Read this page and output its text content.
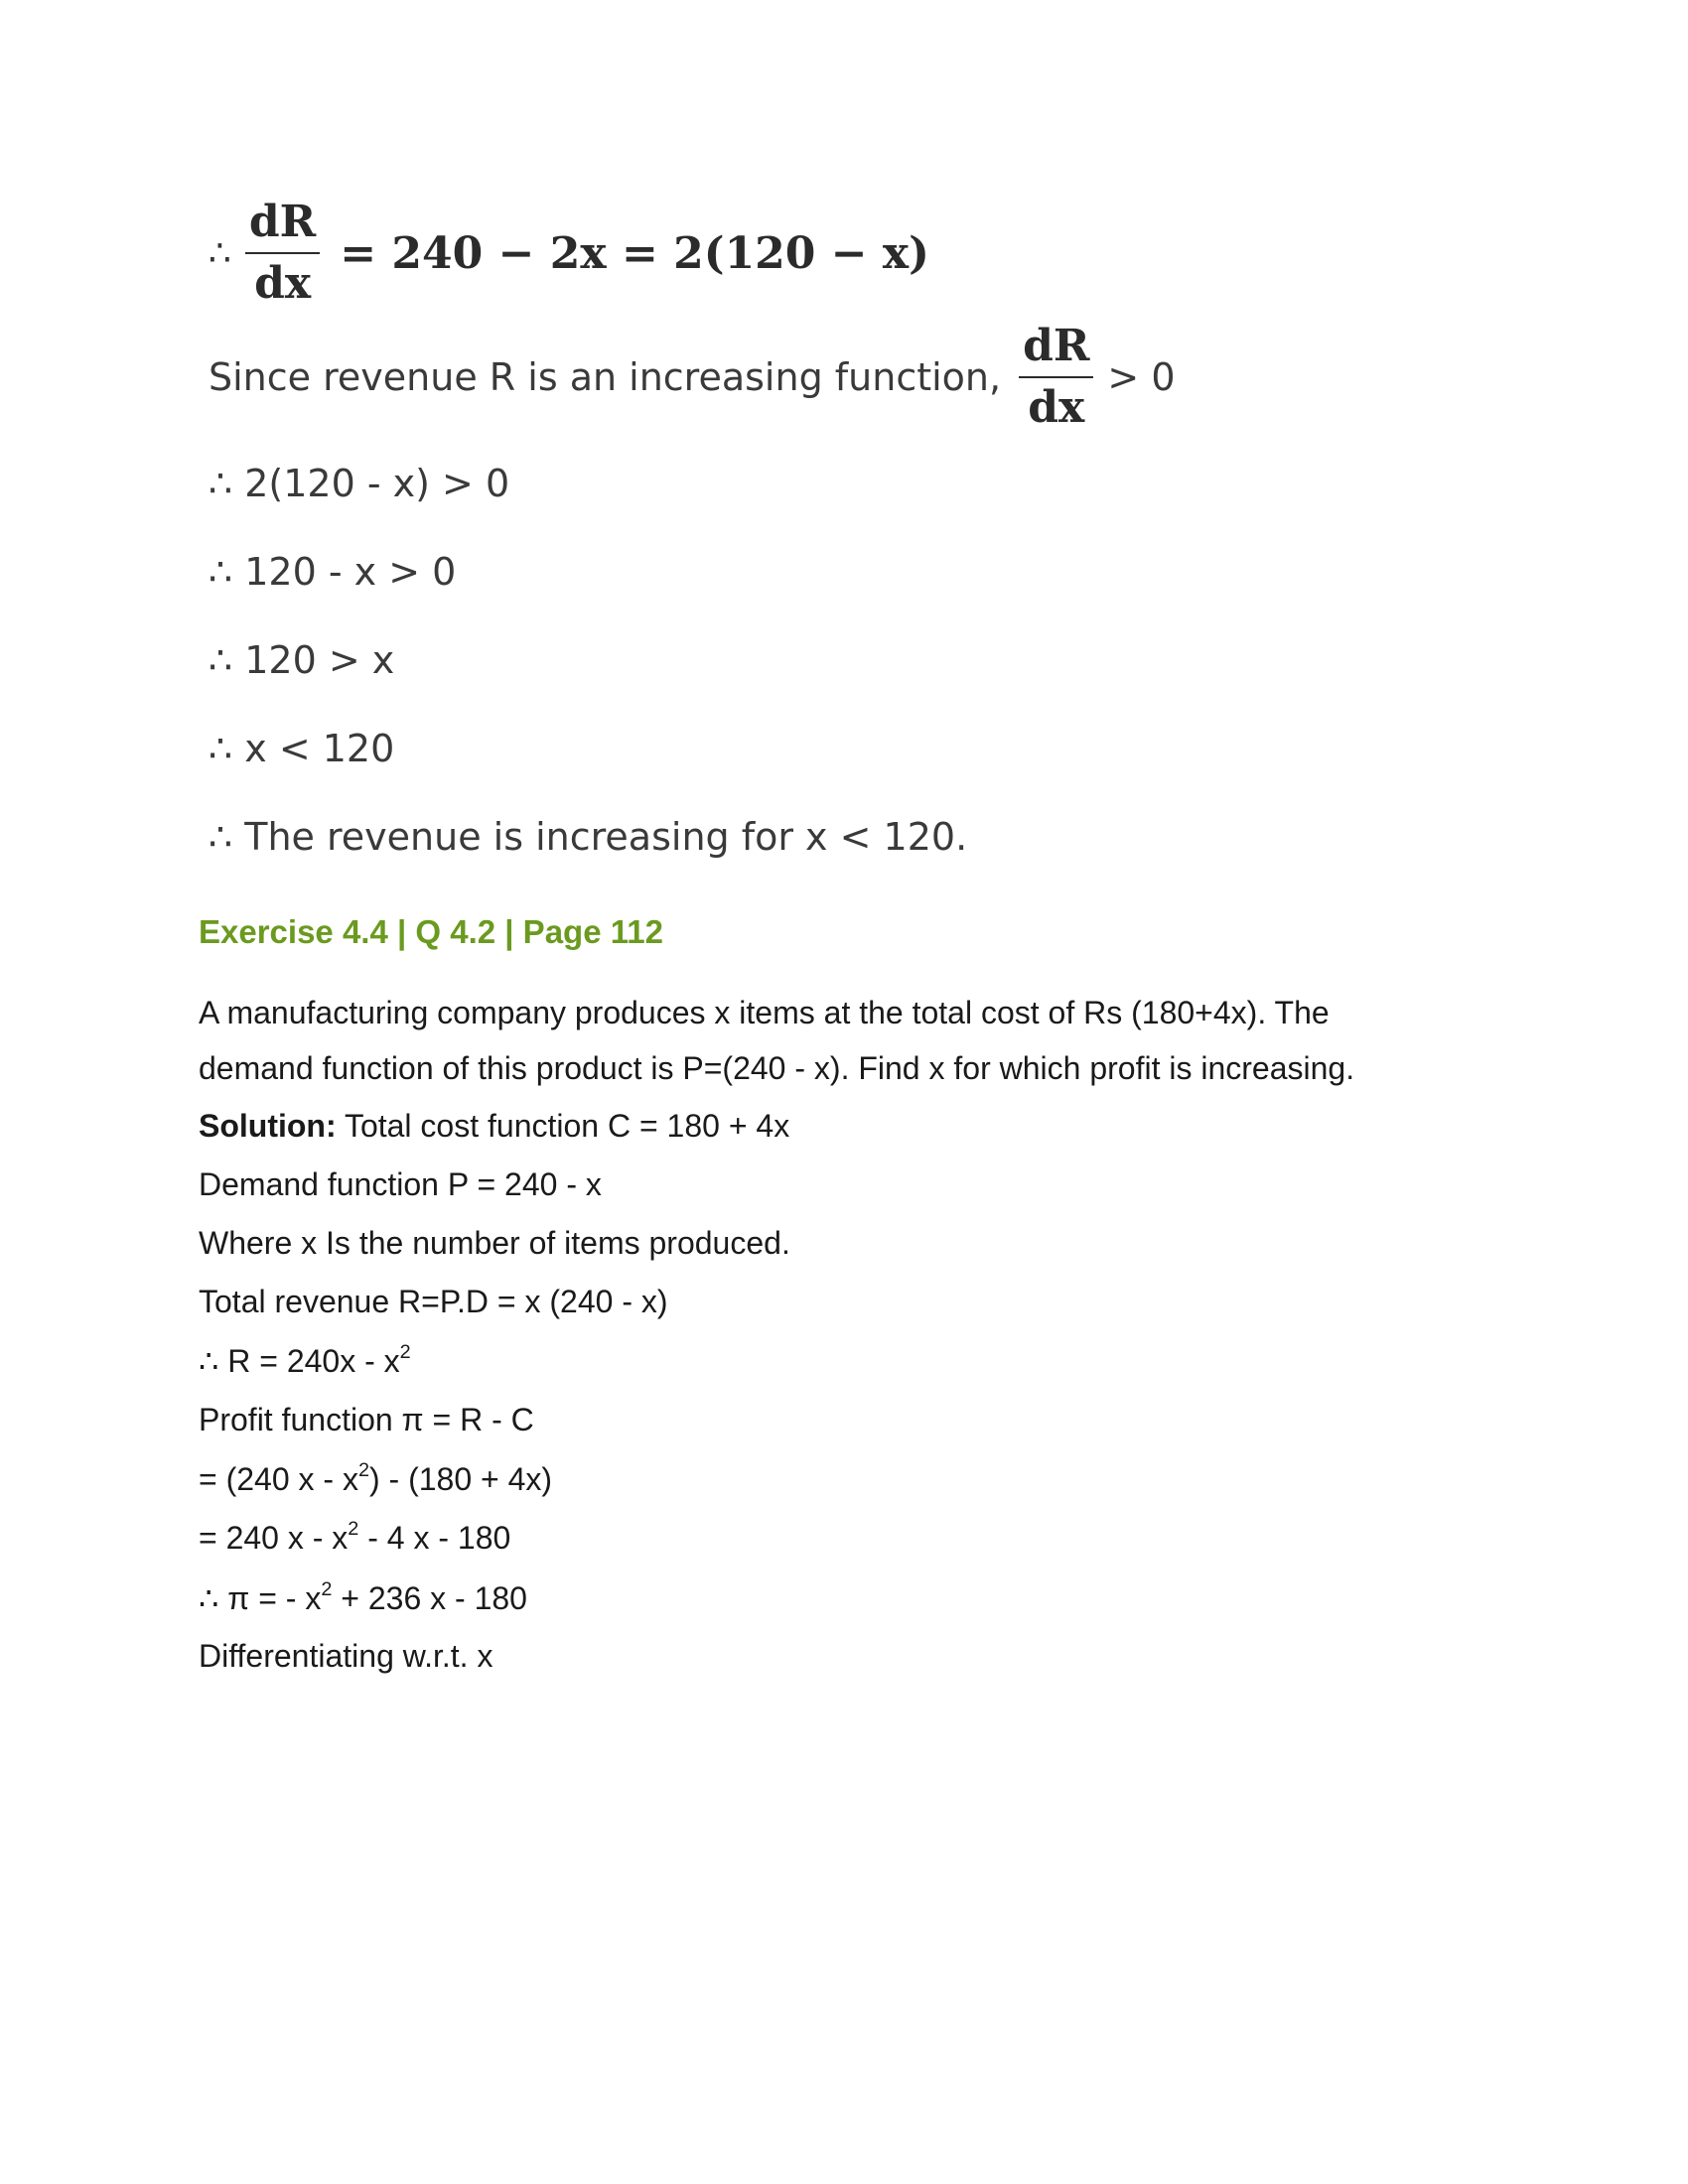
∴ $\frac{dR}{dx} = 240 - 2x = 2(120 - x)$
Since revenue R is an increasing function, $\frac{dR}{dx} > 0$
∴ 2(120 - x) > 0
∴ 120 - x > 0
∴ 120 > x
∴ x < 120
∴ The revenue is increasing for x < 120.
Exercise 4.4 | Q 4.2 | Page 112
A manufacturing company produces x items at the total cost of Rs (180+4x). The
demand function of this product is P=(240 - x). Find x for which profit is increasing.
Solution: Total cost function C = 180 + 4x
Demand function P = 240 - x
Where x Is the number of items produced.
Total revenue R=P.D = x (240 - x)
∴ $R = 240x - x^2$
Profit function π = R - C
= (240 $x - x^2) - (180 + 4x)$
= 240 x - $x^2 - 4$ x - 180
∴ π = - $x^2 + 236$ x - 180
Differentiating w.r.t. x
